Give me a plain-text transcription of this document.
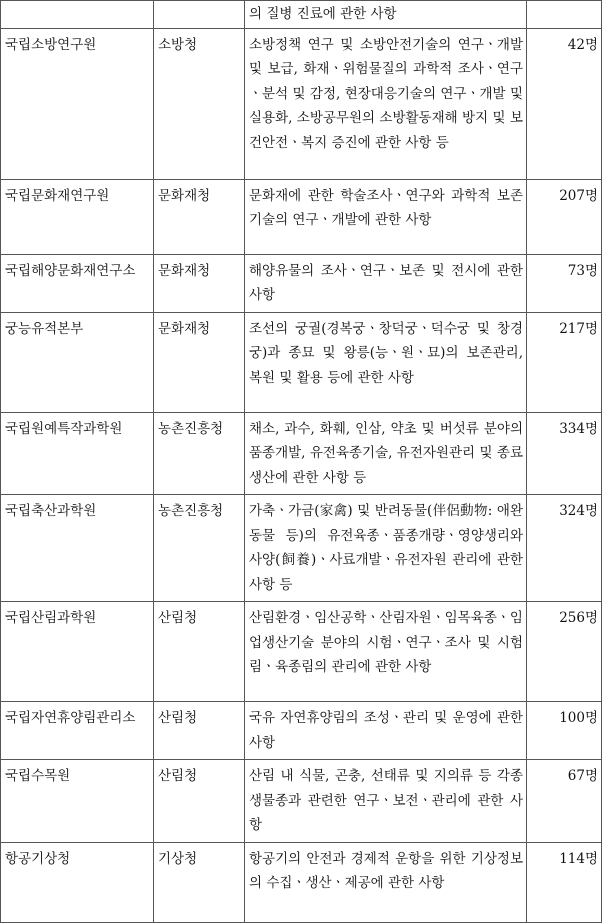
		의 질병 진료에 관한 사항	
국립소방연구원	소방청	소방정책 연구 및 소방안전기술의 연구ㆍ개발 및 보급, 화재ㆍ위험물질의 과학적 조사ㆍ연구ㆍ분석 및 감정, 현장대응기술의 연구ㆍ개발 및 실용화, 소방공무원의 소방활동재해 방지 및 보건안전ㆍ복지 증진에 관한 사항 등	42명
국립문화재연구원	문화재청	문화재에 관한 학술조사ㆍ연구와 과학적 보존 기술의 연구ㆍ개발에 관한 사항	207명
국립해양문화재연구소	문화재청	해양유물의 조사ㆍ연구ㆍ보존 및 전시에 관한 사항	73명
궁능유적본부	문화재청	조선의 궁궐(경복궁ㆍ창덕궁ㆍ덕수궁 및 창경궁)과 종묘 및 왕릉(능ㆍ원ㆍ묘)의 보존관리, 복원 및 활용 등에 관한 사항	217명
국립원예특작과학원	농촌진흥청	채소, 과수, 화훼, 인삼, 약초 및 버섯류 분야의 품종개발, 유전육종기술, 유전자원관리 및 종료생산에 관한 사항 등	334명
국립축산과학원	농촌진흥청	가축ㆍ가금(家禽) 및 반려동물(伴侶動物: 애완동물 등)의 유전육종ㆍ품종개량ㆍ영양생리와 사양(飼養)ㆍ사료개발ㆍ유전자원 관리에 관한 사항 등	324명
국립산림과학원	산림청	산림환경ㆍ임산공학ㆍ산림자원ㆍ임목육종ㆍ임업생산기술 분야의 시험ㆍ연구ㆍ조사 및 시험림ㆍ육종림의 관리에 관한 사항	256명
국립자연휴양림관리소	산림청	국유 자연휴양림의 조성ㆍ관리 및 운영에 관한 사항	100명
국립수목원	산림청	산림 내 식물, 곤충, 선태류 및 지의류 등 각종 생물종과 관련한 연구ㆍ보전ㆍ관리에 관한 사항	67명
항공기상청	기상청	항공기의 안전과 경제적 운항을 위한 기상정보의 수집ㆍ생산ㆍ제공에 관한 사항	114명
